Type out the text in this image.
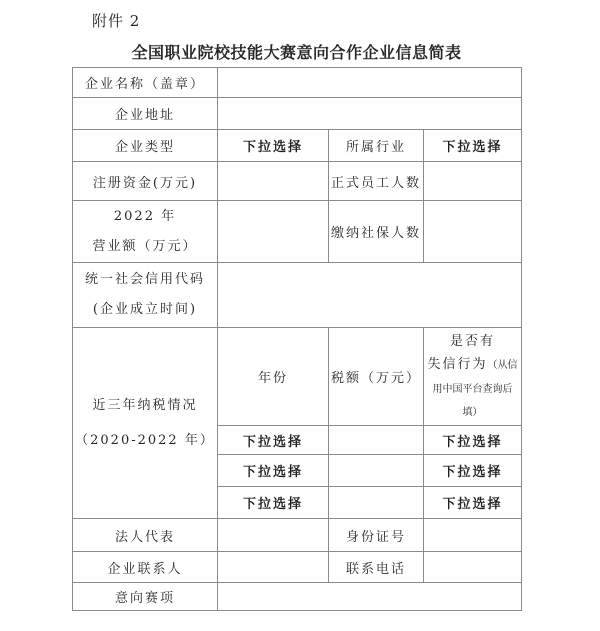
附件 2
全国职业院校技能大赛意向合作企业信息简表
企业名称（盖章）			
企业地址			
企业类型	下拉选择	所属行业	下拉选择
注册资金(万元)		正式员工人数	

2022 年
营业额（万元）		缴纳社保人数	

统一社会信用代码
(企业成立时间)			

近三年纳税情况
（2020-2022 年）	年份	税额（万元）	是否有
失信行为（从信用中国平台查询后填）
	下拉选择		下拉选择
	下拉选择		下拉选择
	下拉选择		下拉选择
法人代表		身份证号	
企业联系人		联系电话	
意向赛项			
